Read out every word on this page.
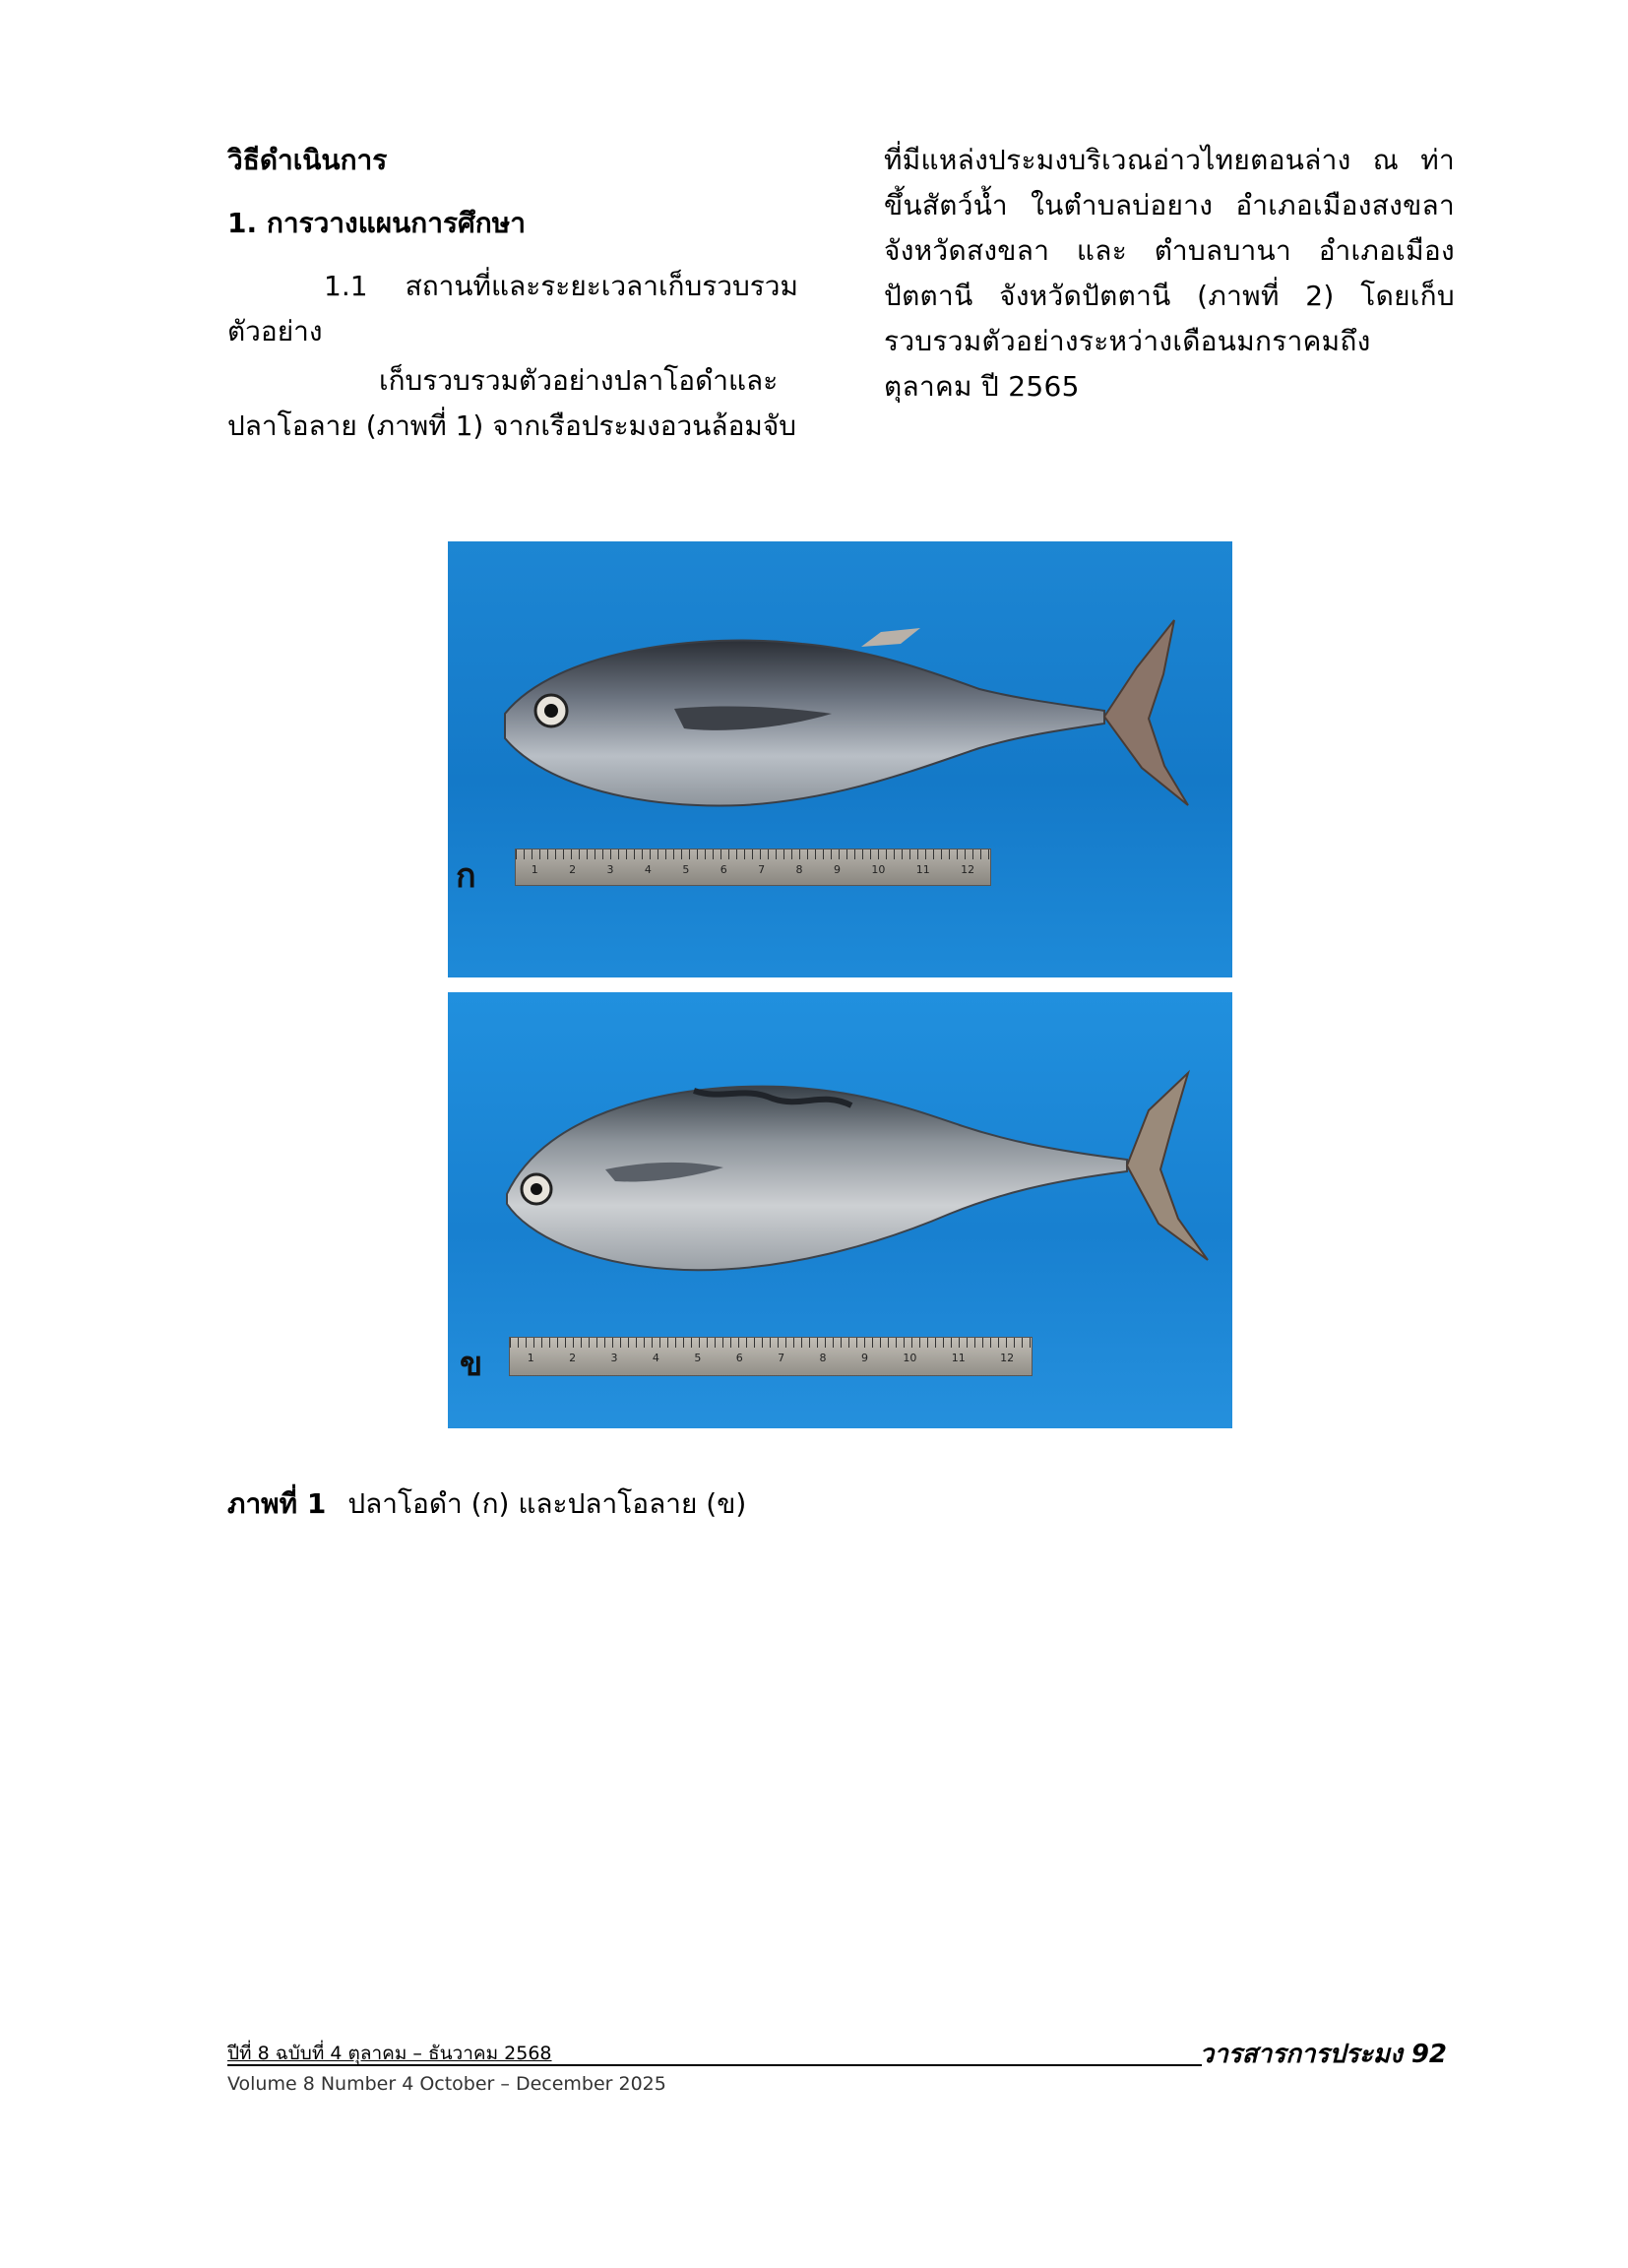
วิธีดำเนินการ
1. การวางแผนการศึกษา

1.1 สถานที่และระยะเวลาเก็บรวบรวมตัวอย่าง

เก็บรวบรวมตัวอย่างปลาโอดำและปลาโอลาย (ภาพที่ 1) จากเรือประมงอวนล้อมจับ

ที่มีแหล่งประมงบริเวณอ่าวไทยตอนล่าง ณ ท่าขึ้นสัตว์น้ำ ในตำบลบ่อยาง อำเภอเมืองสงขลา จังหวัดสงขลา และ ตำบลบานา อำเภอเมืองปัตตานี จังหวัดปัตตานี (ภาพที่ 2) โดยเก็บรวบรวมตัวอย่างระหว่างเดือนมกราคมถึงตุลาคม ปี 2565

1	2	3	4	5	6	7	8	9	10	11	12
ก
1	2	3	4	5	6	7	8	9	10	11	12
ข
ภาพที่ 1 ปลาโอดำ (ก) และปลาโอลาย (ข)
ปีที่ 8 ฉบับที่ 4 ตุลาคม – ธันวาคม 2568	วารสารการประมง 92
Volume 8 Number 4 October – December 2025
